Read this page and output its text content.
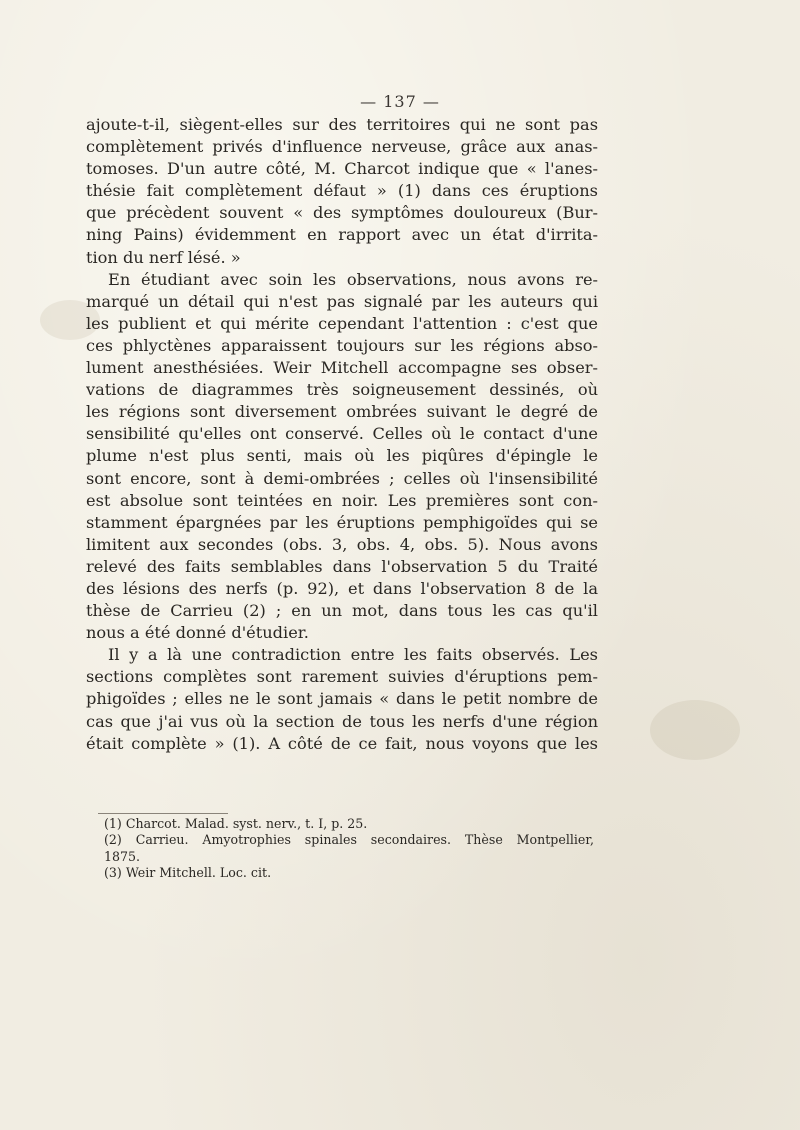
— 137 —
ajoute-t-il, siègent-elles sur des territoires qui ne sont pas
complètement privés d'influence nerveuse, grâce aux anas-
tomoses. D'un autre côté, M. Charcot indique que « l'anes-
thésie fait complètement défaut » (1) dans ces éruptions
que précèdent souvent « des symptômes douloureux (Bur-
ning Pains) évidemment en rapport avec un état d'irrita-
tion du nerf lésé. »
En étudiant avec soin les observations, nous avons re-
marqué un détail qui n'est pas signalé par les auteurs qui
les publient et qui mérite cependant l'attention : c'est que
ces phlyctènes apparaissent toujours sur les régions abso-
lument anesthésiées. Weir Mitchell accompagne ses obser-
vations de diagrammes très soigneusement dessinés, où
les régions sont diversement ombrées suivant le degré de
sensibilité qu'elles ont conservé. Celles où le contact d'une
plume n'est plus senti, mais où les piqûres d'épingle le
sont encore, sont à demi-ombrées ; celles où l'insensibilité
est absolue sont teintées en noir. Les premières sont con-
stamment épargnées par les éruptions pemphigoïdes qui se
limitent aux secondes (obs. 3, obs. 4, obs. 5). Nous avons
relevé des faits semblables dans l'observation 5 du Traité
des lésions des nerfs (p. 92), et dans l'observation 8 de la
thèse de Carrieu (2) ; en un mot, dans tous les cas qu'il
nous a été donné d'étudier.
Il y a là une contradiction entre les faits observés. Les
sections complètes sont rarement suivies d'éruptions pem-
phigoïdes ; elles ne le sont jamais « dans le petit nombre de
cas que j'ai vus où la section de tous les nerfs d'une région
était complète » (1). A côté de ce fait, nous voyons que les
(1) Charcot. Malad. syst. nerv., t. I, p. 25.
(2) Carrieu. Amyotrophies spinales secondaires. Thèse Montpellier,
1875.
(3) Weir Mitchell. Loc. cit.
